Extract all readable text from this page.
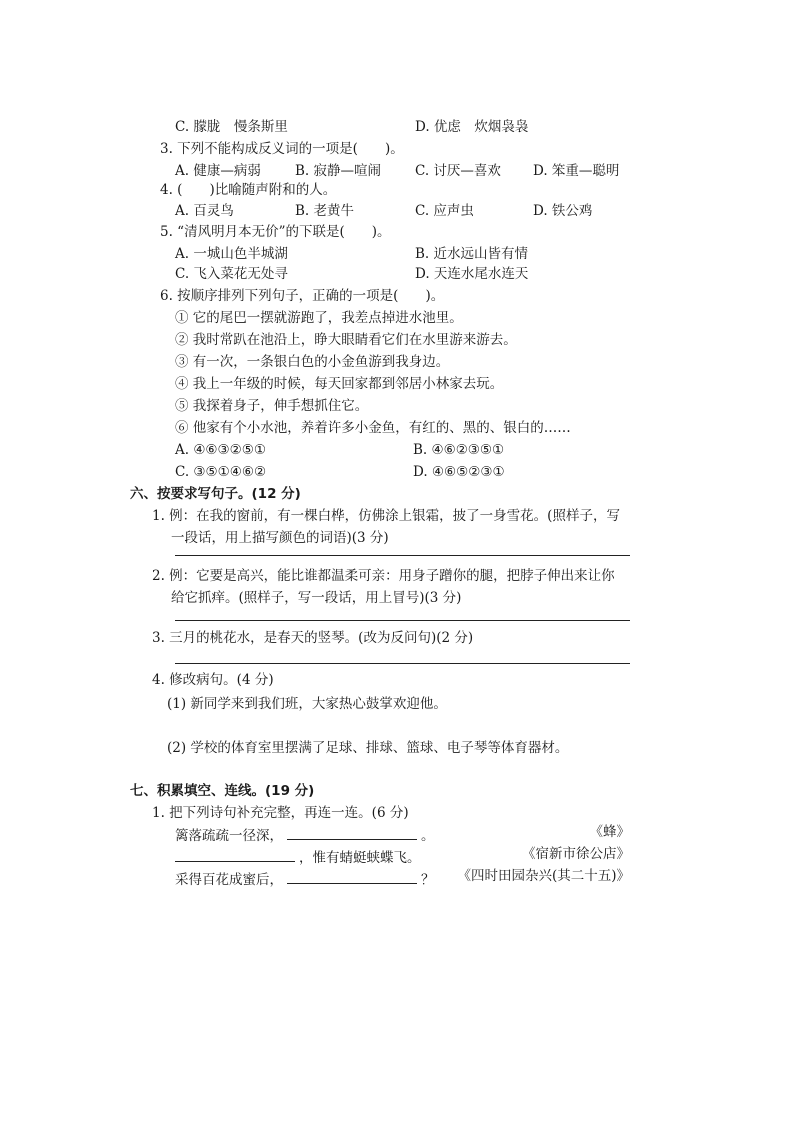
C. 朦胧　慢条斯里	D. 优虑　炊烟袅袅
3. 下列不能构成反义词的一项是(　　)。
A. 健康—病弱	B. 寂静—喧闹	C. 讨厌—喜欢 D. 笨重—聪明
4. (　　)比喻随声附和的人。
A. 百灵鸟	B. 老黄牛	C. 应声虫	D. 铁公鸡
5. “清风明月本无价”的下联是(　　)。
A. 一城山色半城湖	B. 近水远山皆有情
C. 飞入菜花无处寻	D. 天连水尾水连天
6. 按顺序排列下列句子，正确的一项是(　　)。
① 它的尾巴一摆就游跑了，我差点掉进水池里。
② 我时常趴在池沿上，睁大眼睛看它们在水里游来游去。
③ 有一次，一条银白色的小金鱼游到我身边。
④ 我上一年级的时候，每天回家都到邻居小林家去玩。
⑤ 我探着身子，伸手想抓住它。
⑥ 他家有个小水池，养着许多小金鱼，有红的、黑的、银白的……
A. ④⑥③②⑤①	B. ④⑥②③⑤①
C. ③⑤①④⑥②	D. ④⑥⑤②③①
六、按要求写句子。(12 分)
1. 例：在我的窗前，有一棵白桦，仿佛涂上银霜，披了一身雪花。(照样子，写
一段话，用上描写颜色的词语)(3 分)
2. 例：它要是高兴，能比谁都温柔可亲：用身子蹭你的腿，把脖子伸出来让你
给它抓痒。(照样子，写一段话，用上冒号)(3 分)
3. 三月的桃花水，是春天的竖琴。(改为反问句)(2 分)
4. 修改病句。(4 分)
(1) 新同学来到我们班，大家热心鼓掌欢迎他。
(2) 学校的体育室里摆满了足球、排球、篮球、电子琴等体育器材。
七、积累填空、连线。(19 分)
1. 把下列诗句补充完整，再连一连。(6 分)
篱落疏疏一径深，	。
，惟有蜻蜓蛱蝶飞。
采得百花成蜜后，	？
《蜂》
《宿新市徐公店》
《四时田园杂兴(其二十五)》
